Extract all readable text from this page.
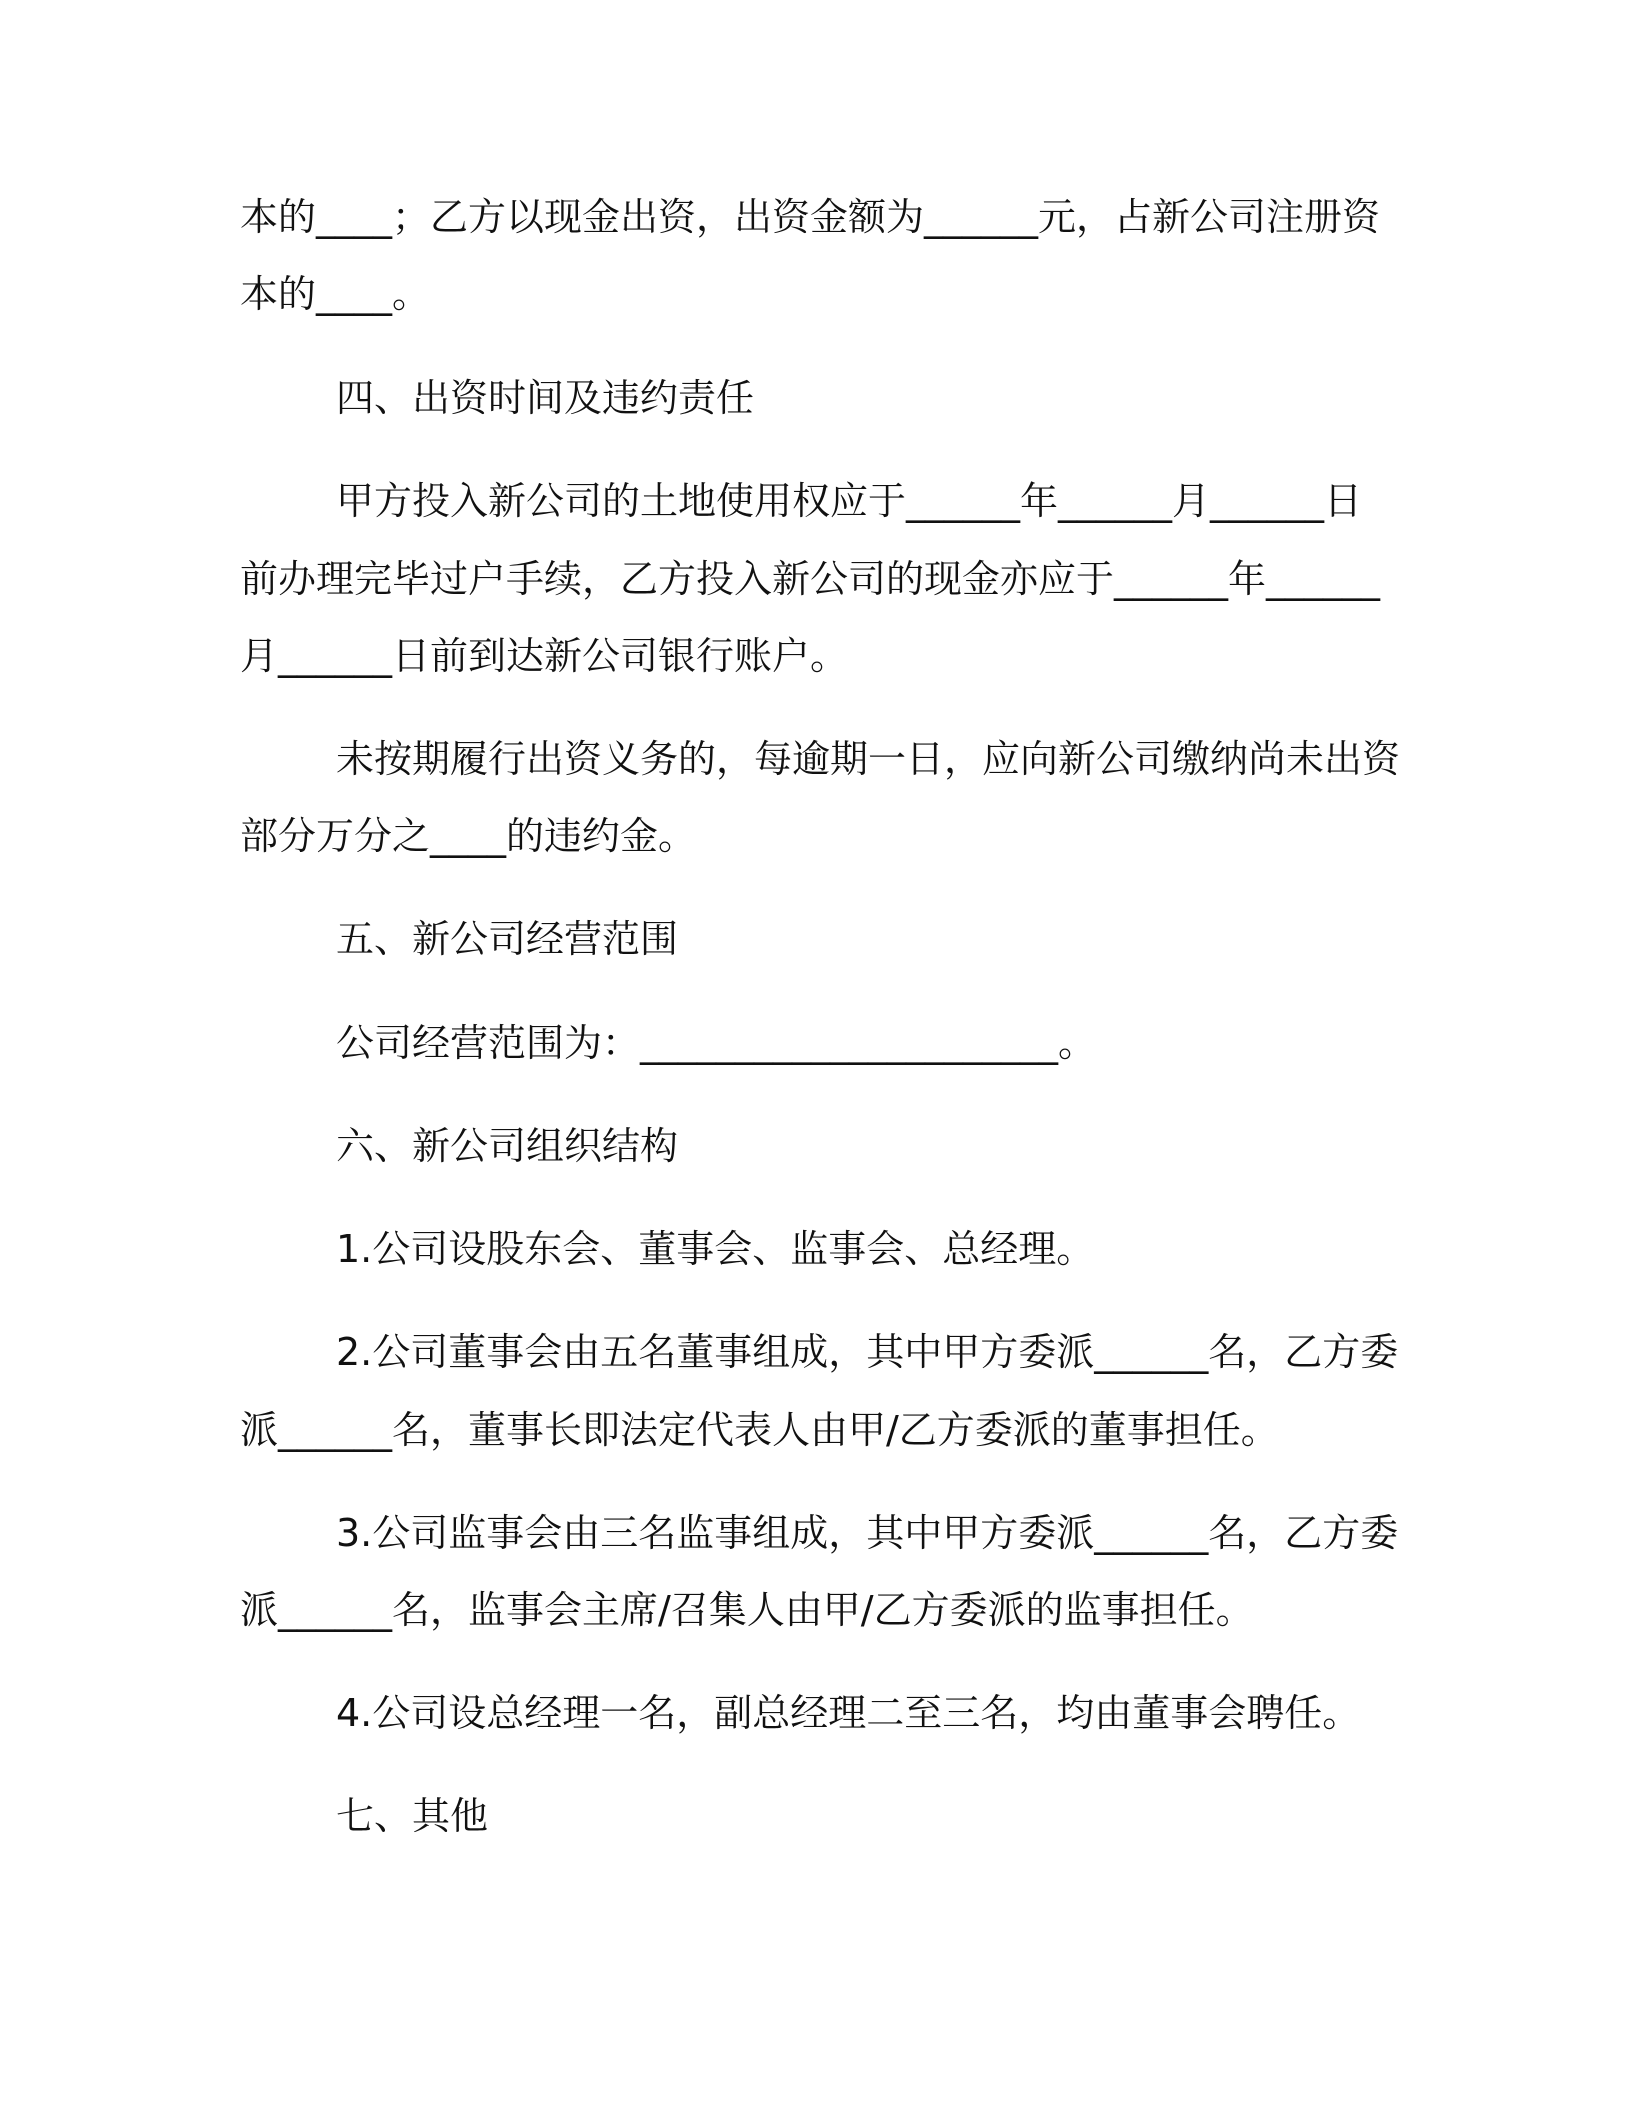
本的____；乙方以现金出资，出资金额为______元，占新公司注册资
本的____。
四、出资时间及违约责任
甲方投入新公司的土地使用权应于______年______月______日
前办理完毕过户手续，乙方投入新公司的现金亦应于______年______
月______日前到达新公司银行账户。
未按期履行出资义务的，每逾期一日，应向新公司缴纳尚未出资
部分万分之____的违约金。
五、新公司经营范围
公司经营范围为：______________________。
六、新公司组织结构
1.公司设股东会、董事会、监事会、总经理。
2.公司董事会由五名董事组成，其中甲方委派______名，乙方委
派______名，董事长即法定代表人由甲/乙方委派的董事担任。
3.公司监事会由三名监事组成，其中甲方委派______名，乙方委
派______名，监事会主席/召集人由甲/乙方委派的监事担任。
4.公司设总经理一名，副总经理二至三名，均由董事会聘任。
七、其他
